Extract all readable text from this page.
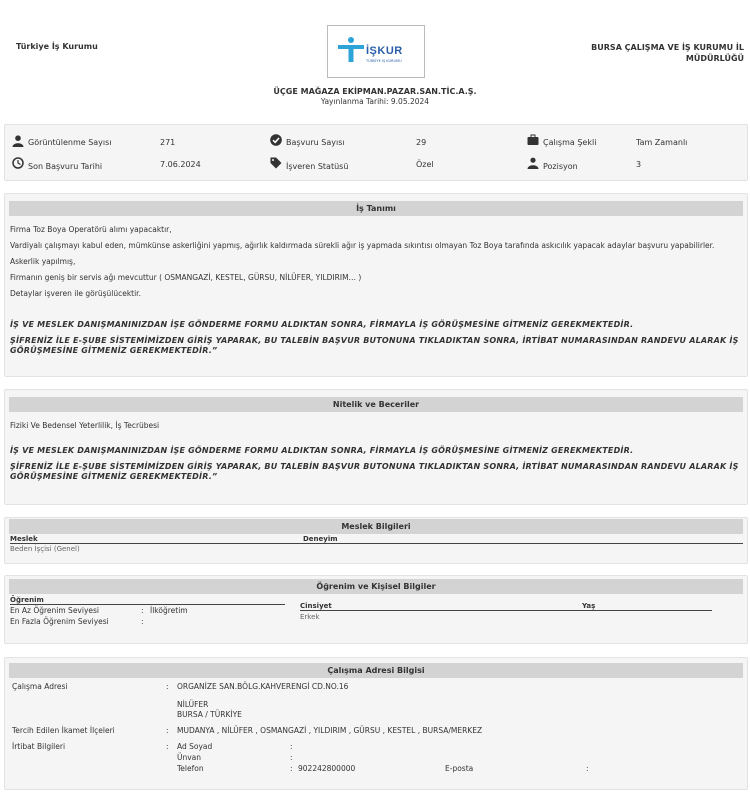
Türkiye İş Kurumu	İŞKUR
TÜRKİYE İŞ KURUMU
BURSA ÇALIŞMA VE İŞ KURUMU İL
MÜDÜRLÜĞÜ
ÜÇGE MAĞAZA EKİPMAN.PAZAR.SAN.TİC.A.Ş.
Yayınlanma Tarihi: 9.05.2024
Görüntülenme Sayısı	271	Başvuru Sayısı	29	Çalışma Şekli	Tam Zamanlı
Son Başvuru Tarihi	7.06.2024	İşveren Statüsü	Özel	Pozisyon	3
İş Tanımı
Firma Toz Boya Operatörü alımı yapacaktır,
Vardiyalı çalışmayı kabul eden, mümkünse askerliğini yapmış, ağırlık kaldırmada sürekli ağır iş yapmada sıkıntısı olmayan Toz Boya tarafında askıcılık yapacak adaylar başvuru yapabilirler.
Askerlik yapılmış,
Firmanın geniş bir servis ağı mevcuttur ( OSMANGAZİ, KESTEL, GÜRSU, NİLÜFER, YILDIRIM… )
Detaylar işveren ile görüşülücektir.
İŞ VE MESLEK DANIŞMANINIZDAN İŞE GÖNDERME FORMU ALDIKTAN SONRA, FİRMAYLA İŞ GÖRÜŞMESİNE GİTMENİZ GEREKMEKTEDİR.
ŞİFRENİZ İLE E-ŞUBE SİSTEMİMİZDEN GİRİŞ YAPARAK, BU TALEBİN BAŞVUR BUTONUNA TIKLADIKTAN SONRA, İRTİBAT NUMARASINDAN RANDEVU ALARAK İŞ
GÖRÜŞMESİNE GİTMENİZ GEREKMEKTEDİR.”
Nitelik ve Beceriler
Fiziki Ve Bedensel Yeterlilik, İş Tecrübesi
İŞ VE MESLEK DANIŞMANINIZDAN İŞE GÖNDERME FORMU ALDIKTAN SONRA, FİRMAYLA İŞ GÖRÜŞMESİNE GİTMENİZ GEREKMEKTEDİR.
ŞİFRENİZ İLE E-ŞUBE SİSTEMİMİZDEN GİRİŞ YAPARAK, BU TALEBİN BAŞVUR BUTONUNA TIKLADIKTAN SONRA, İRTİBAT NUMARASINDAN RANDEVU ALARAK İŞ
GÖRÜŞMESİNE GİTMENİZ GEREKMEKTEDİR.”
Meslek Bilgileri
Meslek	Deneyim
Beden İşçisi (Genel)
Öğrenim ve Kişisel Bilgiler
Öğrenim
En Az Öğrenim Seviyesi	: İlköğretim
En Fazla Öğrenim Seviyesi	:
Cinsiyet	Yaş
Erkek
Çalışma Adresi Bilgisi
Çalışma Adresi	: ORGANİZE SAN.BÖLG.KAHVERENGİ CD.NO.16
NİLÜFER
BURSA / TÜRKİYE
Tercih Edilen İkamet İlçeleri	: MUDANYA , NİLÜFER , OSMANGAZİ , YILDIRIM , GÜRSU , KESTEL , BURSA/MERKEZ
İrtibat Bilgileri	: Ad Soyad	:
Ünvan	:
Telefon	: 902242800000	E-posta	:
